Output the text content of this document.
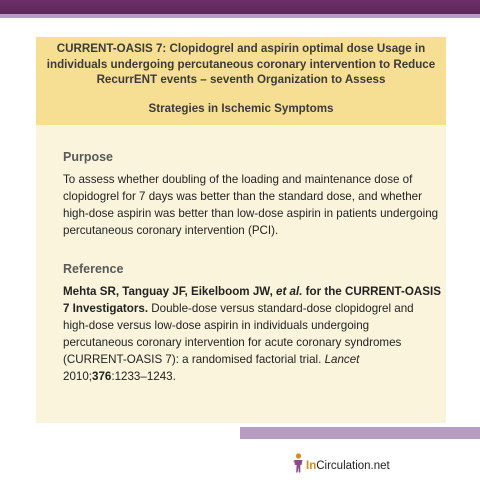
CURRENT-OASIS 7: Clopidogrel and aspirin optimal dose Usage in individuals undergoing percutaneous coronary intervention to Reduce RecurrENT events – seventh Organization to Assess
Strategies in Ischemic Symptoms
Purpose
To assess whether doubling of the loading and maintenance dose of clopidogrel for 7 days was better than the standard dose, and whether high-dose aspirin was better than low-dose aspirin in patients undergoing percutaneous coronary intervention (PCI).
Reference
Mehta SR, Tanguay JF, Eikelboom JW, et al. for the CURRENT-OASIS 7 Investigators. Double-dose versus standard-dose clopidogrel and high-dose versus low-dose aspirin in individuals undergoing percutaneous coronary intervention for acute coronary syndromes (CURRENT-OASIS 7): a randomised factorial trial. Lancet
2010;376:1233–1243.
InCirculation.net
